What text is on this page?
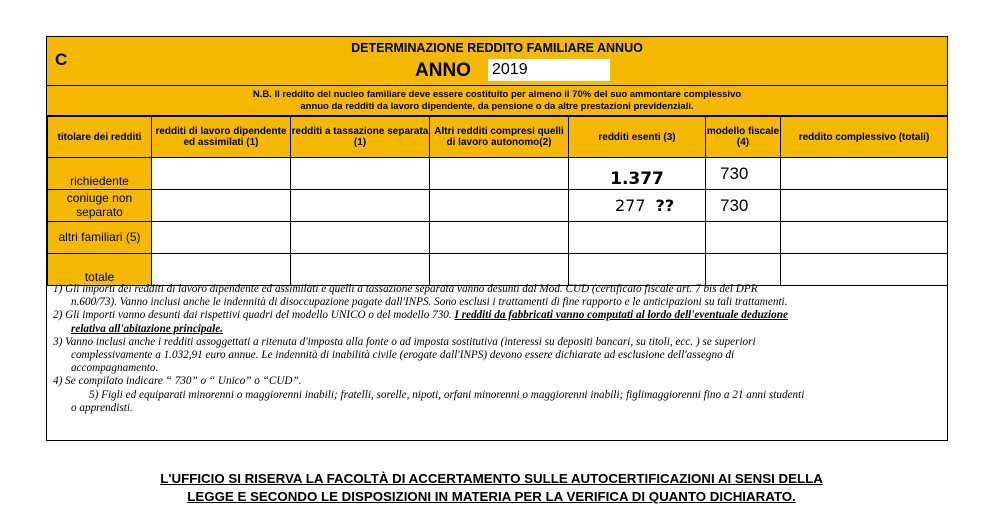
C
DETERMINAZIONE REDDITO FAMILIARE ANNUO
ANNO 2019
N.B. Il reddito del nucleo familiare deve essere costituito per almeno il 70% del suo ammontare complessivo
annuo da redditi da lavoro dipendente, da pensione o da altre prestazioni previdenziali.
titolare dei redditi	redditi di lavoro dipendente ed assimilati (1)	redditi a tassazione separata (1)	Altri redditi compresi quelli di lavoro autonomo(2)	redditi esenti (3)	modello fiscale (4)	reddito complessivo (totali)
richiedente				1.377	730	
coniuge non separato				277 ??	730	
altri familiari (5)						
totale						

1) Gli importi dei redditi di lavoro dipendente ed assimilati e quelli a tassazione separata vanno desunti dal Mod. CUD (certificato fiscale art. 7 bis del DPR

n.600/73). Vanno inclusi anche le indennità di disoccupazione pagate dall'INPS. Sono esclusi i trattamenti di fine rapporto e le anticipazioni su tali trattamenti.

2) Gli importi vanno desunti dai rispettivi quadri del modello UNICO o del modello 730. I redditi da fabbricati vanno computati al lordo dell'eventuale deduzione

relativa all'abitazione principale.

3) Vanno inclusi anche i redditi assoggettati a ritenuta d'imposta alla fonte o ad imposta sostitutiva (interessi su depositi bancari, su titoli, ecc. ) se superiori

complessivamente a 1.032,91 euro annue. Le indennità di inabilità civile (erogate dall'INPS) devono essere dichiarate ad esclusione dell'assegno di

accompagnamento.

4) Se compilato indicare “ 730” o “ Unico” o “CUD”.

5) Figli ed equiparati minorenni o maggiorenni inabili; fratelli, sorelle, nipoti, orfani minorenni o maggiorenni inabili; figlimaggiorenni fino a 21 anni studenti

o apprendisti.

L'UFFICIO SI RISERVA LA FACOLTÀ DI ACCERTAMENTO SULLE AUTOCERTIFICAZIONI AI SENSI DELLA
LEGGE E SECONDO LE DISPOSIZIONI IN MATERIA PER LA VERIFICA DI QUANTO DICHIARATO.
